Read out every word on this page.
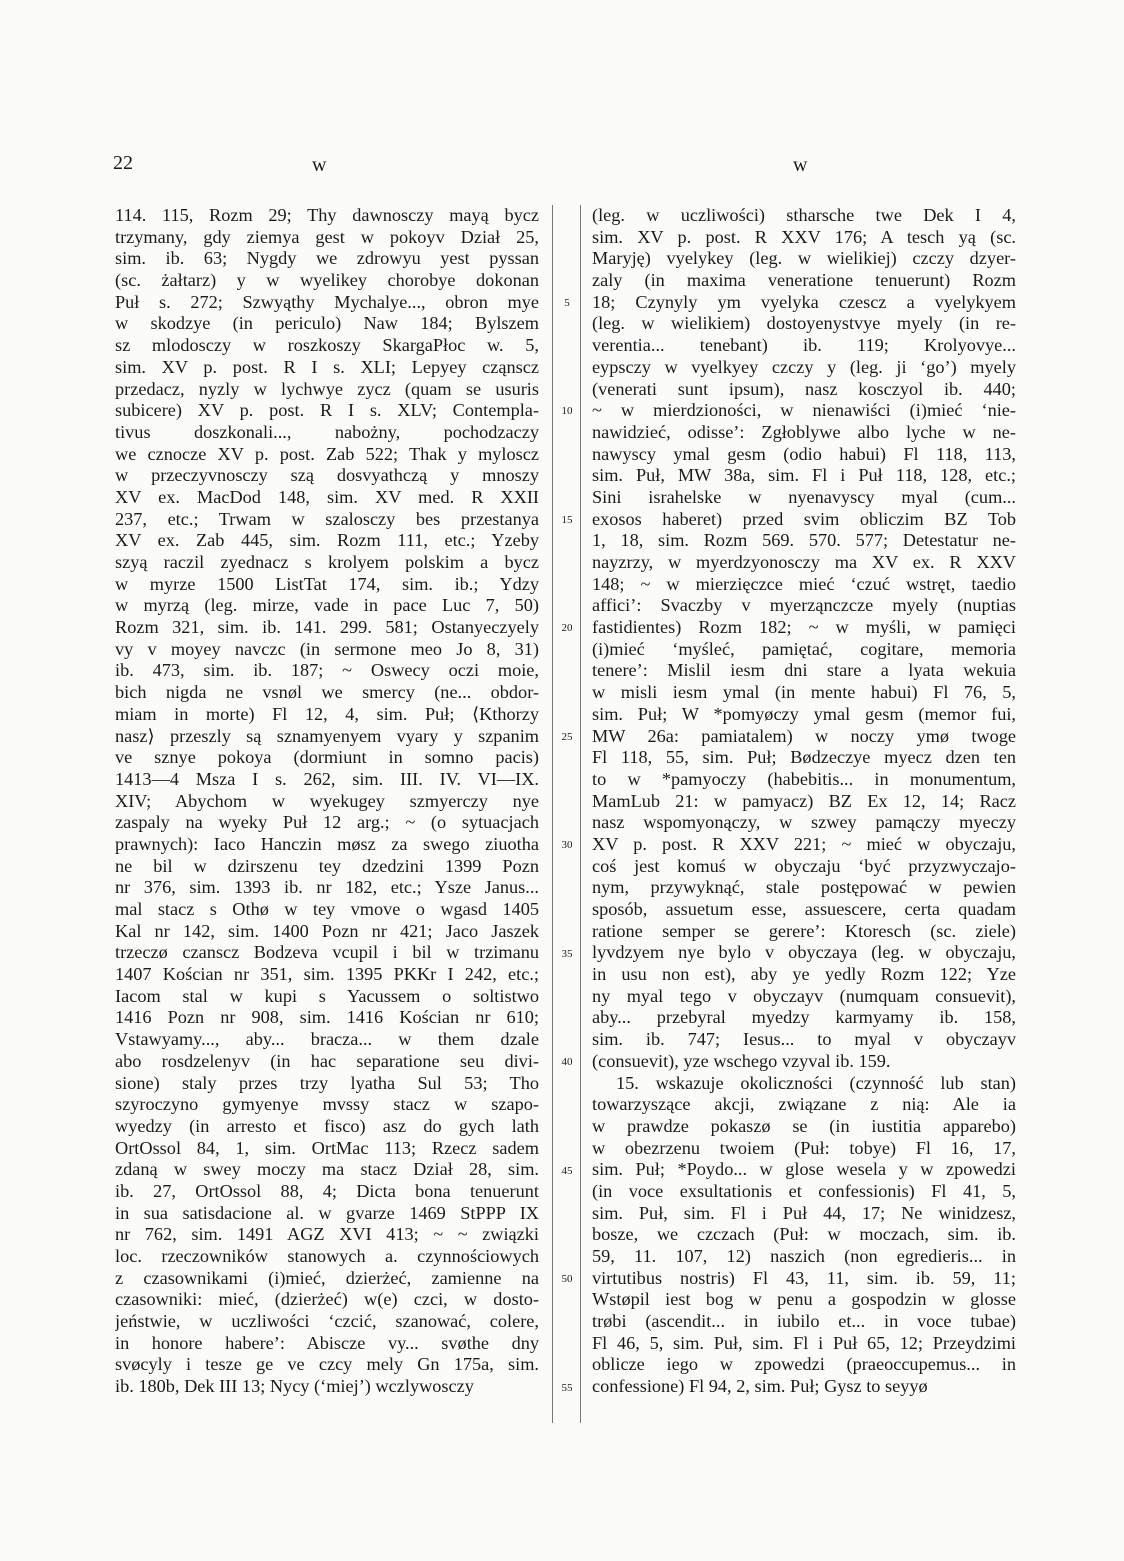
22	w	w
5
10
15
20
25
30
35
40
45
50
55
114. 115, Rozm 29; Thy dawnosczy mayą bycz
trzymany, gdy ziemya gest w pokoyv Dział 25,
sim. ib. 63; Nygdy we zdrowyu yest pyssan
(sc. żałtarz) y w wyelikey chorobye dokonan
Puł s. 272; Szwyąthy Mychalye..., obron mye
w skodzye (in periculo) Naw 184; Bylszem
sz mlodosczy w roszkoszy SkargaPłoc w. 5,
sim. XV p. post. R I s. XLI; Lepyey cząnscz
przedacz, nyzly w lychwye zycz (quam se usuris
subicere) XV p. post. R I s. XLV; Contempla-
tivus doszkonali..., nabożny, pochodzaczy
we cznocze XV p. post. Zab 522; Thak y myloscz
w przeczyvnosczy szą dosvyathczą y mnoszy
XV ex. MacDod 148, sim. XV med. R XXII
237, etc.; Trwam w szalosczy bes przestanya
XV ex. Zab 445, sim. Rozm 111, etc.; Yzeby
szyą raczil zyednacz s krolyem polskim a bycz
w myrze 1500 ListTat 174, sim. ib.; Ydzy
w myrzą (leg. mirze, vade in pace Luc 7, 50)
Rozm 321, sim. ib. 141. 299. 581; Ostanyeczyely
vy v moyey navczc (in sermone meo Jo 8, 31)
ib. 473, sim. ib. 187; ~ Oswecy oczi moie,
bich nigda ne vsnøl we smercy (ne... obdor-
miam in morte) Fl 12, 4, sim. Puł; ⟨Kthorzy
nasz⟩ przeszly są sznamyenyem vyary y szpanim
ve sznye pokoya (dormiunt in somno pacis)
1413—4 Msza I s. 262, sim. III. IV. VI—IX.
XIV; Abychom w wyekugey szmyerczy nye
zaspaly na wyeky Puł 12 arg.; ~ (o sytuacjach
prawnych): Iaco Hanczin møsz za swego ziuotha
ne bil w dzirszenu tey dzedzini 1399 Pozn
nr 376, sim. 1393 ib. nr 182, etc.; Ysze Janus...
mal stacz s Othø w tey vmove o wgasd 1405
Kal nr 142, sim. 1400 Pozn nr 421; Jaco Jaszek
trzeczø czanscz Bodzeva vcupil i bil w trzimanu
1407 Kościan nr 351, sim. 1395 PKKr I 242, etc.;
Iacom stal w kupi s Yacussem o soltistwo
1416 Pozn nr 908, sim. 1416 Kościan nr 610;
Vstawyamy..., aby... bracza... w them dzale
abo rosdzelenyv (in hac separatione seu divi-
sione) staly przes trzy lyatha Sul 53; Tho
szyroczyno gymyenye mvssy stacz w szapo-
wyedzy (in arresto et fisco) asz do gych lath
OrtOssol 84, 1, sim. OrtMac 113; Rzecz sadem
zdaną w swey moczy ma stacz Dział 28, sim.
ib. 27, OrtOssol 88, 4; Dicta bona tenuerunt
in sua satisdacione al. w gvarze 1469 StPPP IX
nr 762, sim. 1491 AGZ XVI 413; ~ ~ związki
loc. rzeczowników stanowych a. czynnościowych
z czasownikami (i)mieć, dzierżeć, zamienne na
czasowniki: mieć, (dzierżeć) w(e) czci, w dosto-
jeństwie, w uczliwości ‘czcić, szanować, colere,
in honore habere’: Abiscze vy... svøthe dny
svøcyly i tesze ge ve czcy mely Gn 175a, sim.
ib. 180b, Dek III 13; Nycy (‘miej’) wczlywosczy
(leg. w uczliwości) stharsche twe Dek I 4,
sim. XV p. post. R XXV 176; A tesch yą (sc.
Maryję) vyelykey (leg. w wielikiej) czczy dzyer-
zaly (in maxima veneratione tenuerunt) Rozm
18; Czynyly ym vyelyka czescz a vyelykyem
(leg. w wielikiem) dostoyenystvye myely (in re-
verentia... tenebant) ib. 119; Krolyovye...
eypsczy w vyelkyey czczy y (leg. ji ‘go’) myely
(venerati sunt ipsum), nasz kosczyol ib. 440;
~ w mierdzioności, w nienawiści (i)mieć ‘nie-
nawidzieć, odisse’: Zgłoblywe albo lyche w ne-
nawyscy ymal gesm (odio habui) Fl 118, 113,
sim. Puł, MW 38a, sim. Fl i Puł 118, 128, etc.;
Sini israhelske w nyenavyscy myal (cum...
exosos haberet) przed svim obliczim BZ Tob
1, 18, sim. Rozm 569. 570. 577; Detestatur ne-
nayzrzy, w myerdzyonosczy ma XV ex. R XXV
148; ~ w mierzięczce mieć ‘czuć wstręt, taedio
affici’: Svaczby v myerząnczcze myely (nuptias
fastidientes) Rozm 182; ~ w myśli, w pamięci
(i)mieć ‘myśleć, pamiętać, cogitare, memoria
tenere’: Mislil iesm dni stare a lyata wekuia
w misli iesm ymal (in mente habui) Fl 76, 5,
sim. Puł; W *pomyøczy ymal gesm (memor fui,
MW 26a: pamiatalem) w noczy ymø twoge
Fl 118, 55, sim. Puł; Bødzeczye myecz dzen ten
to w *pamyoczy (habebitis... in monumentum,
MamLub 21: w pamyacz) BZ Ex 12, 14; Racz
nasz wspomyonączy, w szwey pamączy myeczy
XV p. post. R XXV 221; ~ mieć w obyczaju,
coś jest komuś w obyczaju ‘być przyzwyczajo-
nym, przywyknąć, stale postępować w pewien
sposób, assuetum esse, assuescere, certa quadam
ratione semper se gerere’: Ktoresch (sc. ziele)
lyvdzyem nye bylo v obyczaya (leg. w obyczaju,
in usu non est), aby ye yedly Rozm 122; Yze
ny myal tego v obyczayv (numquam consuevit),
aby... przebyral myedzy karmyamy ib. 158,
sim. ib. 747; Iesus... to myal v obyczayv
(consuevit), yze wschego vzyval ib. 159.
15. wskazuje okoliczności (czynność lub stan)
towarzyszące akcji, związane z nią: Ale ia
w prawdze pokaszø se (in iustitia apparebo)
w obezrzenu twoiem (Puł: tobye) Fl 16, 17,
sim. Puł; *Poydo... w glose wesela y w zpowedzi
(in voce exsultationis et confessionis) Fl 41, 5,
sim. Puł, sim. Fl i Puł 44, 17; Ne winidzesz,
bosze, we czczach (Puł: w moczach, sim. ib.
59, 11. 107, 12) naszich (non egredieris... in
virtutibus nostris) Fl 43, 11, sim. ib. 59, 11;
Wstøpil iest bog w penu a gospodzin w glosse
trøbi (ascendit... in iubilo et... in voce tubae)
Fl 46, 5, sim. Puł, sim. Fl i Puł 65, 12; Przeydzimi
oblicze iego w zpowedzi (praeoccupemus... in
confessione) Fl 94, 2, sim. Puł; Gysz to seyyø
